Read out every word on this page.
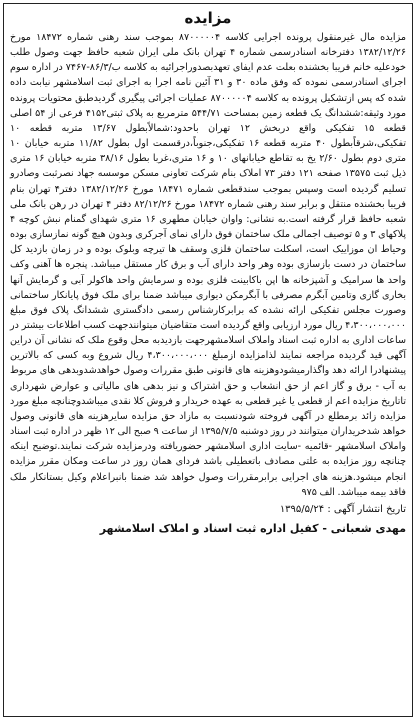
مزایده

مزایده مال غیرمنقول پرونده اجرایی کلاسه ۸۷۰۰۰۰۰۴ بموجب سند رهنی شماره ۱۸۴۷۲ مورخ ۱۳۸۲/۱۲/۲۶ دفترخانه اسنادرسمی شماره ۴ تهران بانک ملی ایران شعبه حافظ جهت وصول طلب خودعلیه خانم فریبا بخشنده بعلت عدم ایفای تعهدبصدوراجرائیه به کلاسه ب/۸۶/۳-۷۴۶۷ در اداره سوم اجرای اسنادرسمی نموده که وفق ماده ۳۰ و ۳۱ آئین نامه اجرا به اجرای ثبت اسلامشهر نیابت داده شده که پس ازتشکیل پرونده به کلاسه ۸۷۰۰۰۰۰۴ عملیات اجرائی پیگیری گردیدطبق محتویات پرونده مورد وثیقه:ششدانگ یک قطعه زمین بمساحت ۵۴۴/۷۱ مترمربع به پلاک ثبتی۴۱۵۲ فرعی از ۵۴ اصلی قطعه ۱۵ تفکیکی واقع دربخش ۱۲ تهران باحدود:شمالاًبطول ۱۳/۶۷ متربه قطعه ۱۰ تفکیکی،شرقاًبطول ۴۰ متربه قطعه ۱۶ تفکیکی،جنوباً،درقسمت اول بطول ۱۱/۸۲ متربه خیابان ۱۰ متری دوم بطول ۲/۶۰ یخ به تقاطع خیابانهای ۱۰ و ۱۶ متری،غربا بطول ۳۸/۱۶ متربه خیابان ۱۶ متری ذیل ثبت ۱۳۵۷۵ صفحه ۱۲۱ دفتر ۷۳ املاک بنام شرکت تعاونی مسکن موسسه جهاد نصرثبت وصادرو تسلیم گردیده است وسپس بموجب سندقطعی شماره ۱۸۴۷۱ مورخ ۱۳۸۲/۱۲/۲۶ دفتر۴ تهران بنام فریبا بخشنده منتقل و برابر سند رهنی شماره ۱۸۴۷۲ مورخ ۸۲/۱۲/۲۶ دفتر ۴ تهران در رهن بانک ملی شعبه حافظ قرار گرفته است.به نشانی: واوان خیابان مطهری ۱۶ متری شهدای گمنام نبش کوچه ۴ پلاکهای ۳ و ۵ توصیف اجمالی ملک ساختمان فوق دارای نمای آجرکری وبدون هیچ گونه نمازسازی بوده وحیاط ان موزاییک است، اسکلت ساختمان فلزی وسقف ها تیرچه وبلوک بوده و در زمان بازدید کل ساختمان در دست بازسازی بوده وهر واحد دارای آب و برق کار مستقل میباشد. پنجره ها آهنی وکف واحد ها سرامیک و آشپزخانه ها اپن باکابینت فلزی بوده و سرمایش واحد هاکولر آبی و گرمایش آنها بخاری گازی وتامین آبگرم مصرفی با آبگرمکن دیواری میباشد ضمنا برای ملک فوق پایانکار ساختمانی وصورت مجلس تفکیکی ارائه نشده که برابرکارشناس رسمی دادگستری ششدانگ پلاک فوق مبلغ ۴،۳۰۰،۰۰۰،۰۰۰ ریال مورد ارزیابی واقع گردیده است متقاضیان میتوانندجهت کسب اطلاعات بیشتر در ساعات اداری به اداره ثبت اسناد واملاک اسلامشهرجهت بازدیدبه محل وقوع ملک که نشانی آن دراین آگهی قید گردیده مراجعه نمایند لذامزایده ازمبلغ ۴،۳۰۰،۰۰۰،۰۰۰ ریال شروع وبه کسی که بالاترین پیشنهادرا ارائه دهد واگذارمیشودوهزینه های قانونی طبق مقررات وصول خواهدشدوبدهی های مربوط به آب - برق و گاز اعم از حق انشعاب و حق اشتراک و نیز بدهی های مالیاتی و عوارض شهرداری تاتاریخ مزایده اعم از قطعی یا غیر قطعی به عهده خریدار و فروش کلا نقدی میباشدوچنانچه مبلغ مورد مزایده زائد برمطلع در آگهی فروخته شودنسبت به مازاد حق مزایده سایرهزینه های قانونی وصول خواهد شدخریداران میتوانند در روز دوشنبه ۱۳۹۵/۷/۵ از ساعت ۹ صبح الی ۱۲ ظهر در اداره ثبت اسناد واملاک اسلامشهر -قائمیه -سایت اداری اسلامشهر حضوریافته ودرمزایده شرکت نمایند.توضیح اینکه چنانچه روز مزایده به علتی مصادف باتعطیلی باشد فردای همان روز در ساعت ومکان مقرر مزایده انجام میشود.هزینه های اجرایی برابرمقررات وصول خواهد شد ضمنا بانبراعلام وکیل بستانکار ملک فاقد بیمه میباشد. الف ۹۷۵

تاریخ انتشار آگهی : ۱۳۹۵/۵/۲۴
مهدی شعبانی - کفیل اداره ثبت اسناد و املاک اسلامشهر
